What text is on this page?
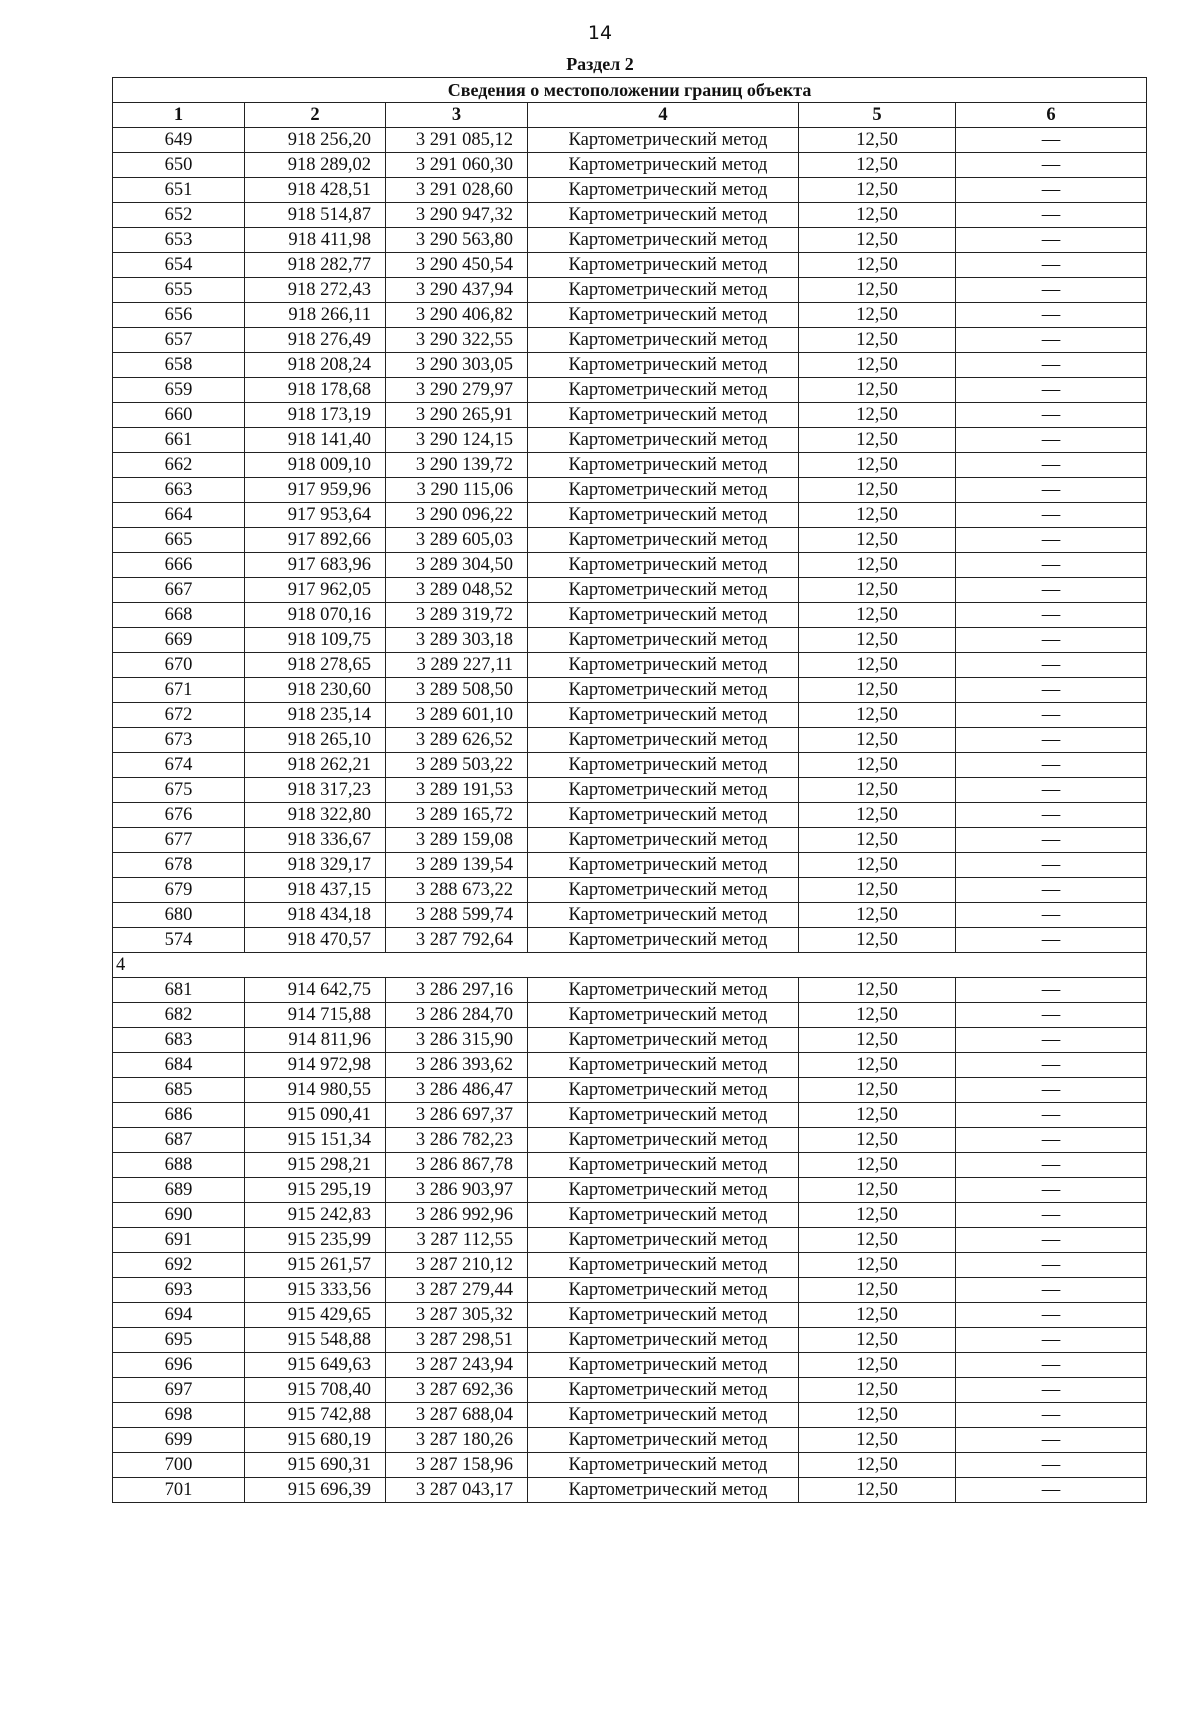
14
Раздел 2
Сведения о местоположении границ объекта					
1	2	3	4	5	6
649	918 256,20	3 291 085,12	Картометрический метод	12,50	—
650	918 289,02	3 291 060,30	Картометрический метод	12,50	—
651	918 428,51	3 291 028,60	Картометрический метод	12,50	—
652	918 514,87	3 290 947,32	Картометрический метод	12,50	—
653	918 411,98	3 290 563,80	Картометрический метод	12,50	—
654	918 282,77	3 290 450,54	Картометрический метод	12,50	—
655	918 272,43	3 290 437,94	Картометрический метод	12,50	—
656	918 266,11	3 290 406,82	Картометрический метод	12,50	—
657	918 276,49	3 290 322,55	Картометрический метод	12,50	—
658	918 208,24	3 290 303,05	Картометрический метод	12,50	—
659	918 178,68	3 290 279,97	Картометрический метод	12,50	—
660	918 173,19	3 290 265,91	Картометрический метод	12,50	—
661	918 141,40	3 290 124,15	Картометрический метод	12,50	—
662	918 009,10	3 290 139,72	Картометрический метод	12,50	—
663	917 959,96	3 290 115,06	Картометрический метод	12,50	—
664	917 953,64	3 290 096,22	Картометрический метод	12,50	—
665	917 892,66	3 289 605,03	Картометрический метод	12,50	—
666	917 683,96	3 289 304,50	Картометрический метод	12,50	—
667	917 962,05	3 289 048,52	Картометрический метод	12,50	—
668	918 070,16	3 289 319,72	Картометрический метод	12,50	—
669	918 109,75	3 289 303,18	Картометрический метод	12,50	—
670	918 278,65	3 289 227,11	Картометрический метод	12,50	—
671	918 230,60	3 289 508,50	Картометрический метод	12,50	—
672	918 235,14	3 289 601,10	Картометрический метод	12,50	—
673	918 265,10	3 289 626,52	Картометрический метод	12,50	—
674	918 262,21	3 289 503,22	Картометрический метод	12,50	—
675	918 317,23	3 289 191,53	Картометрический метод	12,50	—
676	918 322,80	3 289 165,72	Картометрический метод	12,50	—
677	918 336,67	3 289 159,08	Картометрический метод	12,50	—
678	918 329,17	3 289 139,54	Картометрический метод	12,50	—
679	918 437,15	3 288 673,22	Картометрический метод	12,50	—
680	918 434,18	3 288 599,74	Картометрический метод	12,50	—
574	918 470,57	3 287 792,64	Картометрический метод	12,50	—
4					
681	914 642,75	3 286 297,16	Картометрический метод	12,50	—
682	914 715,88	3 286 284,70	Картометрический метод	12,50	—
683	914 811,96	3 286 315,90	Картометрический метод	12,50	—
684	914 972,98	3 286 393,62	Картометрический метод	12,50	—
685	914 980,55	3 286 486,47	Картометрический метод	12,50	—
686	915 090,41	3 286 697,37	Картометрический метод	12,50	—
687	915 151,34	3 286 782,23	Картометрический метод	12,50	—
688	915 298,21	3 286 867,78	Картометрический метод	12,50	—
689	915 295,19	3 286 903,97	Картометрический метод	12,50	—
690	915 242,83	3 286 992,96	Картометрический метод	12,50	—
691	915 235,99	3 287 112,55	Картометрический метод	12,50	—
692	915 261,57	3 287 210,12	Картометрический метод	12,50	—
693	915 333,56	3 287 279,44	Картометрический метод	12,50	—
694	915 429,65	3 287 305,32	Картометрический метод	12,50	—
695	915 548,88	3 287 298,51	Картометрический метод	12,50	—
696	915 649,63	3 287 243,94	Картометрический метод	12,50	—
697	915 708,40	3 287 692,36	Картометрический метод	12,50	—
698	915 742,88	3 287 688,04	Картометрический метод	12,50	—
699	915 680,19	3 287 180,26	Картометрический метод	12,50	—
700	915 690,31	3 287 158,96	Картометрический метод	12,50	—
701	915 696,39	3 287 043,17	Картометрический метод	12,50	—
